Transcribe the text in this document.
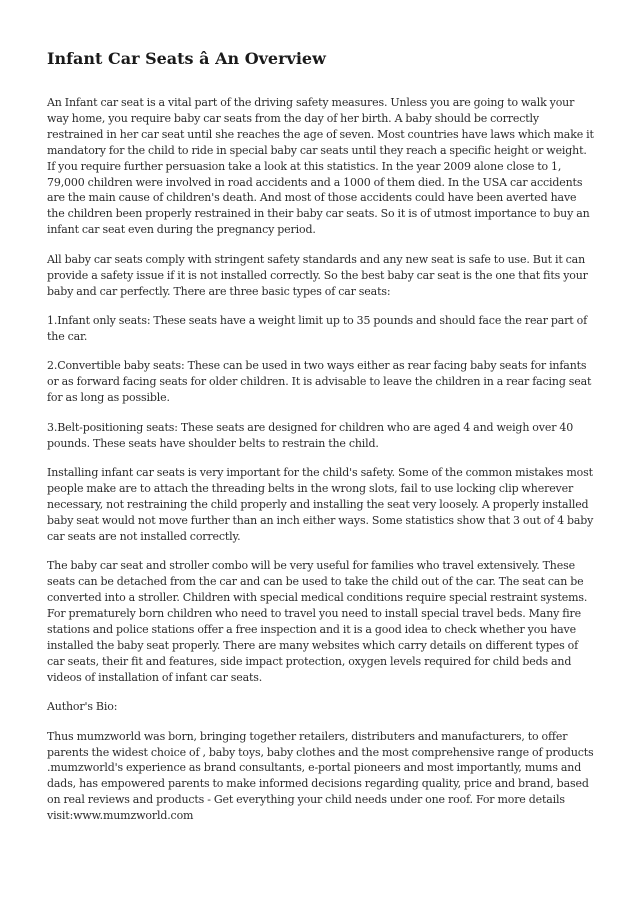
Infant Car Seats â An Overview

An Infant car seat is a vital part of the driving safety measures. Unless you are going to walk your way home, you require baby car seats from the day of her birth. A baby should be correctly restrained in her car seat until she reaches the age of seven. Most countries have laws which make it mandatory for the child to ride in special baby car seats until they reach a specific height or weight. If you require further persuasion take a look at this statistics. In the year 2009 alone close to 1, 79,000 children were involved in road accidents and a 1000 of them died. In the USA car accidents are the main cause of children's death. And most of those accidents could have been averted have the children been properly restrained in their baby car seats. So it is of utmost importance to buy an infant car seat even during the pregnancy period.

All baby car seats comply with stringent safety standards and any new seat is safe to use. But it can provide a safety issue if it is not installed correctly. So the best baby car seat is the one that fits your baby and car perfectly. There are three basic types of car seats:

1.Infant only seats: These seats have a weight limit up to 35 pounds and should face the rear part of the car.

2.Convertible baby seats: These can be used in two ways either as rear facing baby seats for infants or as forward facing seats for older children. It is advisable to leave the children in a rear facing seat for as long as possible.

3.Belt-positioning seats: These seats are designed for children who are aged 4 and weigh over 40 pounds. These seats have shoulder belts to restrain the child.

Installing infant car seats is very important for the child's safety. Some of the common mistakes most people make are to attach the threading belts in the wrong slots, fail to use locking clip wherever necessary, not restraining the child properly and installing the seat very loosely. A properly installed baby seat would not move further than an inch either ways. Some statistics show that 3 out of 4 baby car seats are not installed correctly.

The baby car seat and stroller combo will be very useful for families who travel extensively. These seats can be detached from the car and can be used to take the child out of the car. The seat can be converted into a stroller. Children with special medical conditions require special restraint systems. For prematurely born children who need to travel you need to install special travel beds. Many fire stations and police stations offer a free inspection and it is a good idea to check whether you have installed the baby seat properly. There are many websites which carry details on different types of car seats, their fit and features, side impact protection, oxygen levels required for child beds and videos of installation of infant car seats.

Author's Bio:

Thus mumzworld was born, bringing together retailers, distributers and manufacturers, to offer parents the widest choice of , baby toys, baby clothes and the most comprehensive range of products .mumzworld's experience as brand consultants, e-portal pioneers and most importantly, mums and dads, has empowered parents to make informed decisions regarding quality, price and brand, based on real reviews and products - Get everything your child needs under one roof. For more details visit:www.mumzworld.com
